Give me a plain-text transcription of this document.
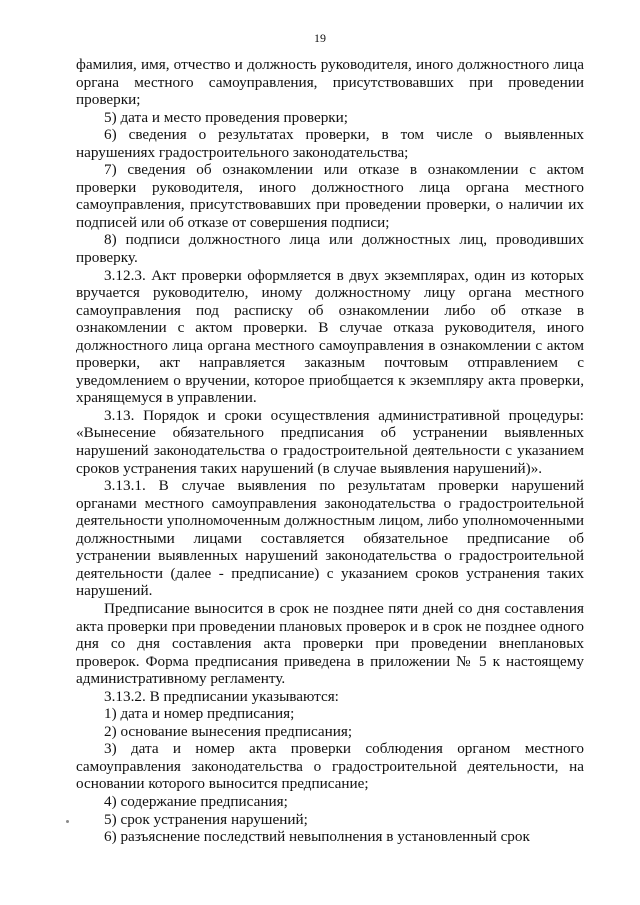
19

фамилия, имя, отчество и должность руководителя, иного должностного лица органа местного самоуправления, присутствовавших при проведении проверки;

5) дата и место проведения проверки;

6) сведения о результатах проверки, в том числе о выявленных нарушениях градостроительного законодательства;

7) сведения об ознакомлении или отказе в ознакомлении с актом проверки руководителя, иного должностного лица органа местного самоуправления, присутствовавших при проведении проверки, о наличии их подписей или об отказе от совершения подписи;

8) подписи должностного лица или должностных лиц, проводивших проверку.

3.12.3. Акт проверки оформляется в двух экземплярах, один из которых вручается руководителю, иному должностному лицу органа местного самоуправления под расписку об ознакомлении либо об отказе в ознакомлении с актом проверки. В случае отказа руководителя, иного должностного лица органа местного самоуправления в ознакомлении с актом проверки, акт направляется заказным почтовым отправлением с уведомлением о вручении, которое приобщается к экземпляру акта проверки, хранящемуся в управлении.

3.13. Порядок и сроки осуществления административной процедуры: «Вынесение обязательного предписания об устранении выявленных нарушений законодательства о градостроительной деятельности с указанием сроков устранения таких нарушений (в случае выявления нарушений)».

3.13.1. В случае выявления по результатам проверки нарушений органами местного самоуправления законодательства о градостроительной деятельности уполномоченным должностным лицом, либо уполномоченными должностными лицами составляется обязательное предписание об устранении выявленных нарушений законодательства о градостроительной деятельности (далее - предписание) с указанием сроков устранения таких нарушений.

Предписание выносится в срок не позднее пяти дней со дня составления акта проверки при проведении плановых проверок и в срок не позднее одного дня со дня составления акта проверки при проведении внеплановых проверок. Форма предписания приведена в приложении № 5 к настоящему административному регламенту.

3.13.2. В предписании указываются:

1) дата и номер предписания;

2) основание вынесения предписания;

3) дата и номер акта проверки соблюдения органом местного самоуправления законодательства о градостроительной деятельности, на основании которого выносится предписание;

4) содержание предписания;

5) срок устранения нарушений;

6) разъяснение последствий невыполнения в установленный срок
